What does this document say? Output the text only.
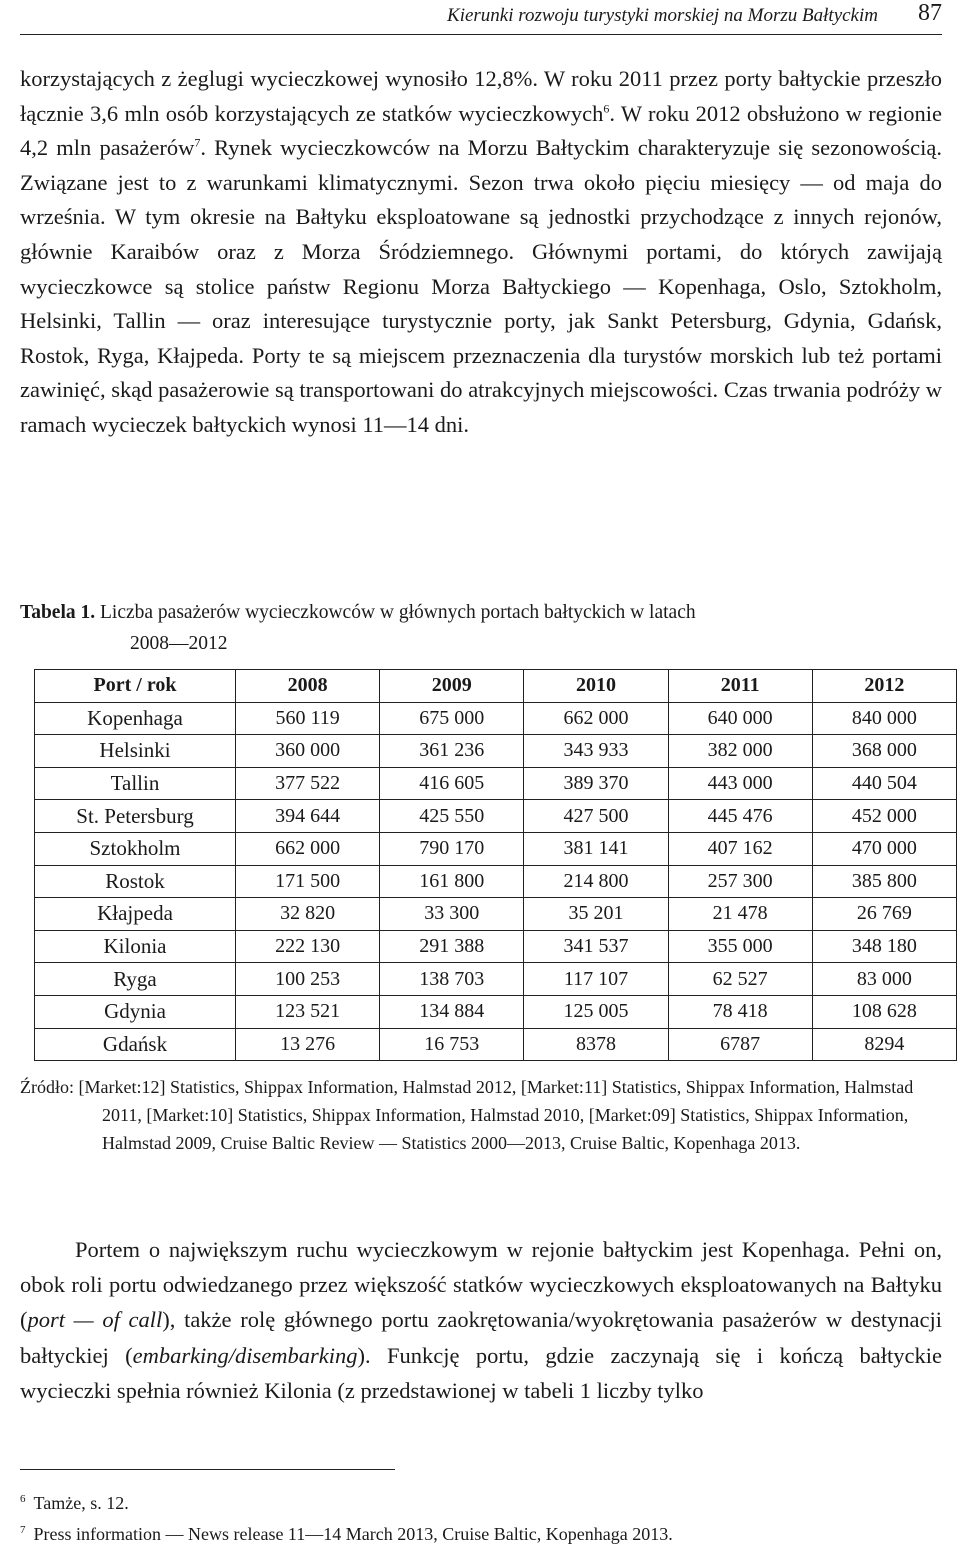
Kierunki rozwoju turystyki morskiej na Morzu Bałtyckim 87

korzystających z żeglugi wycieczkowej wynosiło 12,8%. W roku 2011 przez porty bałtyckie przeszło łącznie 3,6 mln osób korzystających ze statków wycieczkowych$^6$. W roku 2012 obsłużono w regionie 4,2 mln pasażerów$^7$. Rynek wycieczkowców na Morzu Bałtyckim charakteryzuje się sezonowością. Związane jest to z warunkami klimatycznymi. Sezon trwa około pięciu miesięcy — od maja do września. W tym okresie na Bałtyku eksploatowane są jednostki przychodzące z innych rejonów, głównie Karaibów oraz z Morza Śródziemnego. Głównymi portami, do których zawijają wycieczkowce są stolice państw Regionu Morza Bałtyckiego — Kopenhaga, Oslo, Sztokholm, Helsinki, Tallin — oraz interesujące turystycznie porty, jak Sankt Petersburg, Gdynia, Gdańsk, Rostok, Ryga, Kłajpeda. Porty te są miejscem przeznaczenia dla turystów morskich lub też portami zawinięć, skąd pasażerowie są transportowani do atrakcyjnych miejscowości. Czas trwania podróży w ramach wycieczek bałtyckich wynosi 11—14 dni.

Tabela 1. Liczba pasażerów wycieczkowców w głównych portach bałtyckich w latach
2008—2012

Port / rok	2008	2009	2010	2011	2012
Kopenhaga	560 119	675 000	662 000	640 000	840 000
Helsinki	360 000	361 236	343 933	382 000	368 000
Tallin	377 522	416 605	389 370	443 000	440 504
St. Petersburg	394 644	425 550	427 500	445 476	452 000
Sztokholm	662 000	790 170	381 141	407 162	470 000
Rostok	171 500	161 800	214 800	257 300	385 800
Kłajpeda	32 820	33 300	35 201	21 478	26 769
Kilonia	222 130	291 388	341 537	355 000	348 180
Ryga	100 253	138 703	117 107	62 527	83 000
Gdynia	123 521	134 884	125 005	78 418	108 628
Gdańsk	13 276	16 753	8378	6787	8294

Źródło: [Market:12] Statistics, Shippax Information, Halmstad 2012, [Market:11] Statistics, Shippax Information, Halmstad 2011, [Market:10] Statistics, Shippax Information, Halmstad 2010, [Market:09] Statistics, Shippax Information, Halmstad 2009, Cruise Baltic Review — Statistics 2000—2013, Cruise Baltic, Kopenhaga 2013.

Portem o największym ruchu wycieczkowym w rejonie bałtyckim jest Kopenhaga. Pełni on, obok roli portu odwiedzanego przez większość statków wycieczkowych eksploatowanych na Bałtyku (port — of call), także rolę głównego portu zaokrętowania/wyokrętowania pasażerów w destynacji bałtyckiej (embarking/disembarking). Funkcję portu, gdzie zaczynają się i kończą bałtyckie wycieczki spełnia również Kilonia (z przedstawionej w tabeli 1 liczby tylko

$^6$ Tamże, s. 12.
$^7$ Press information — News release 11—14 March 2013, Cruise Baltic, Kopenhaga 2013.
